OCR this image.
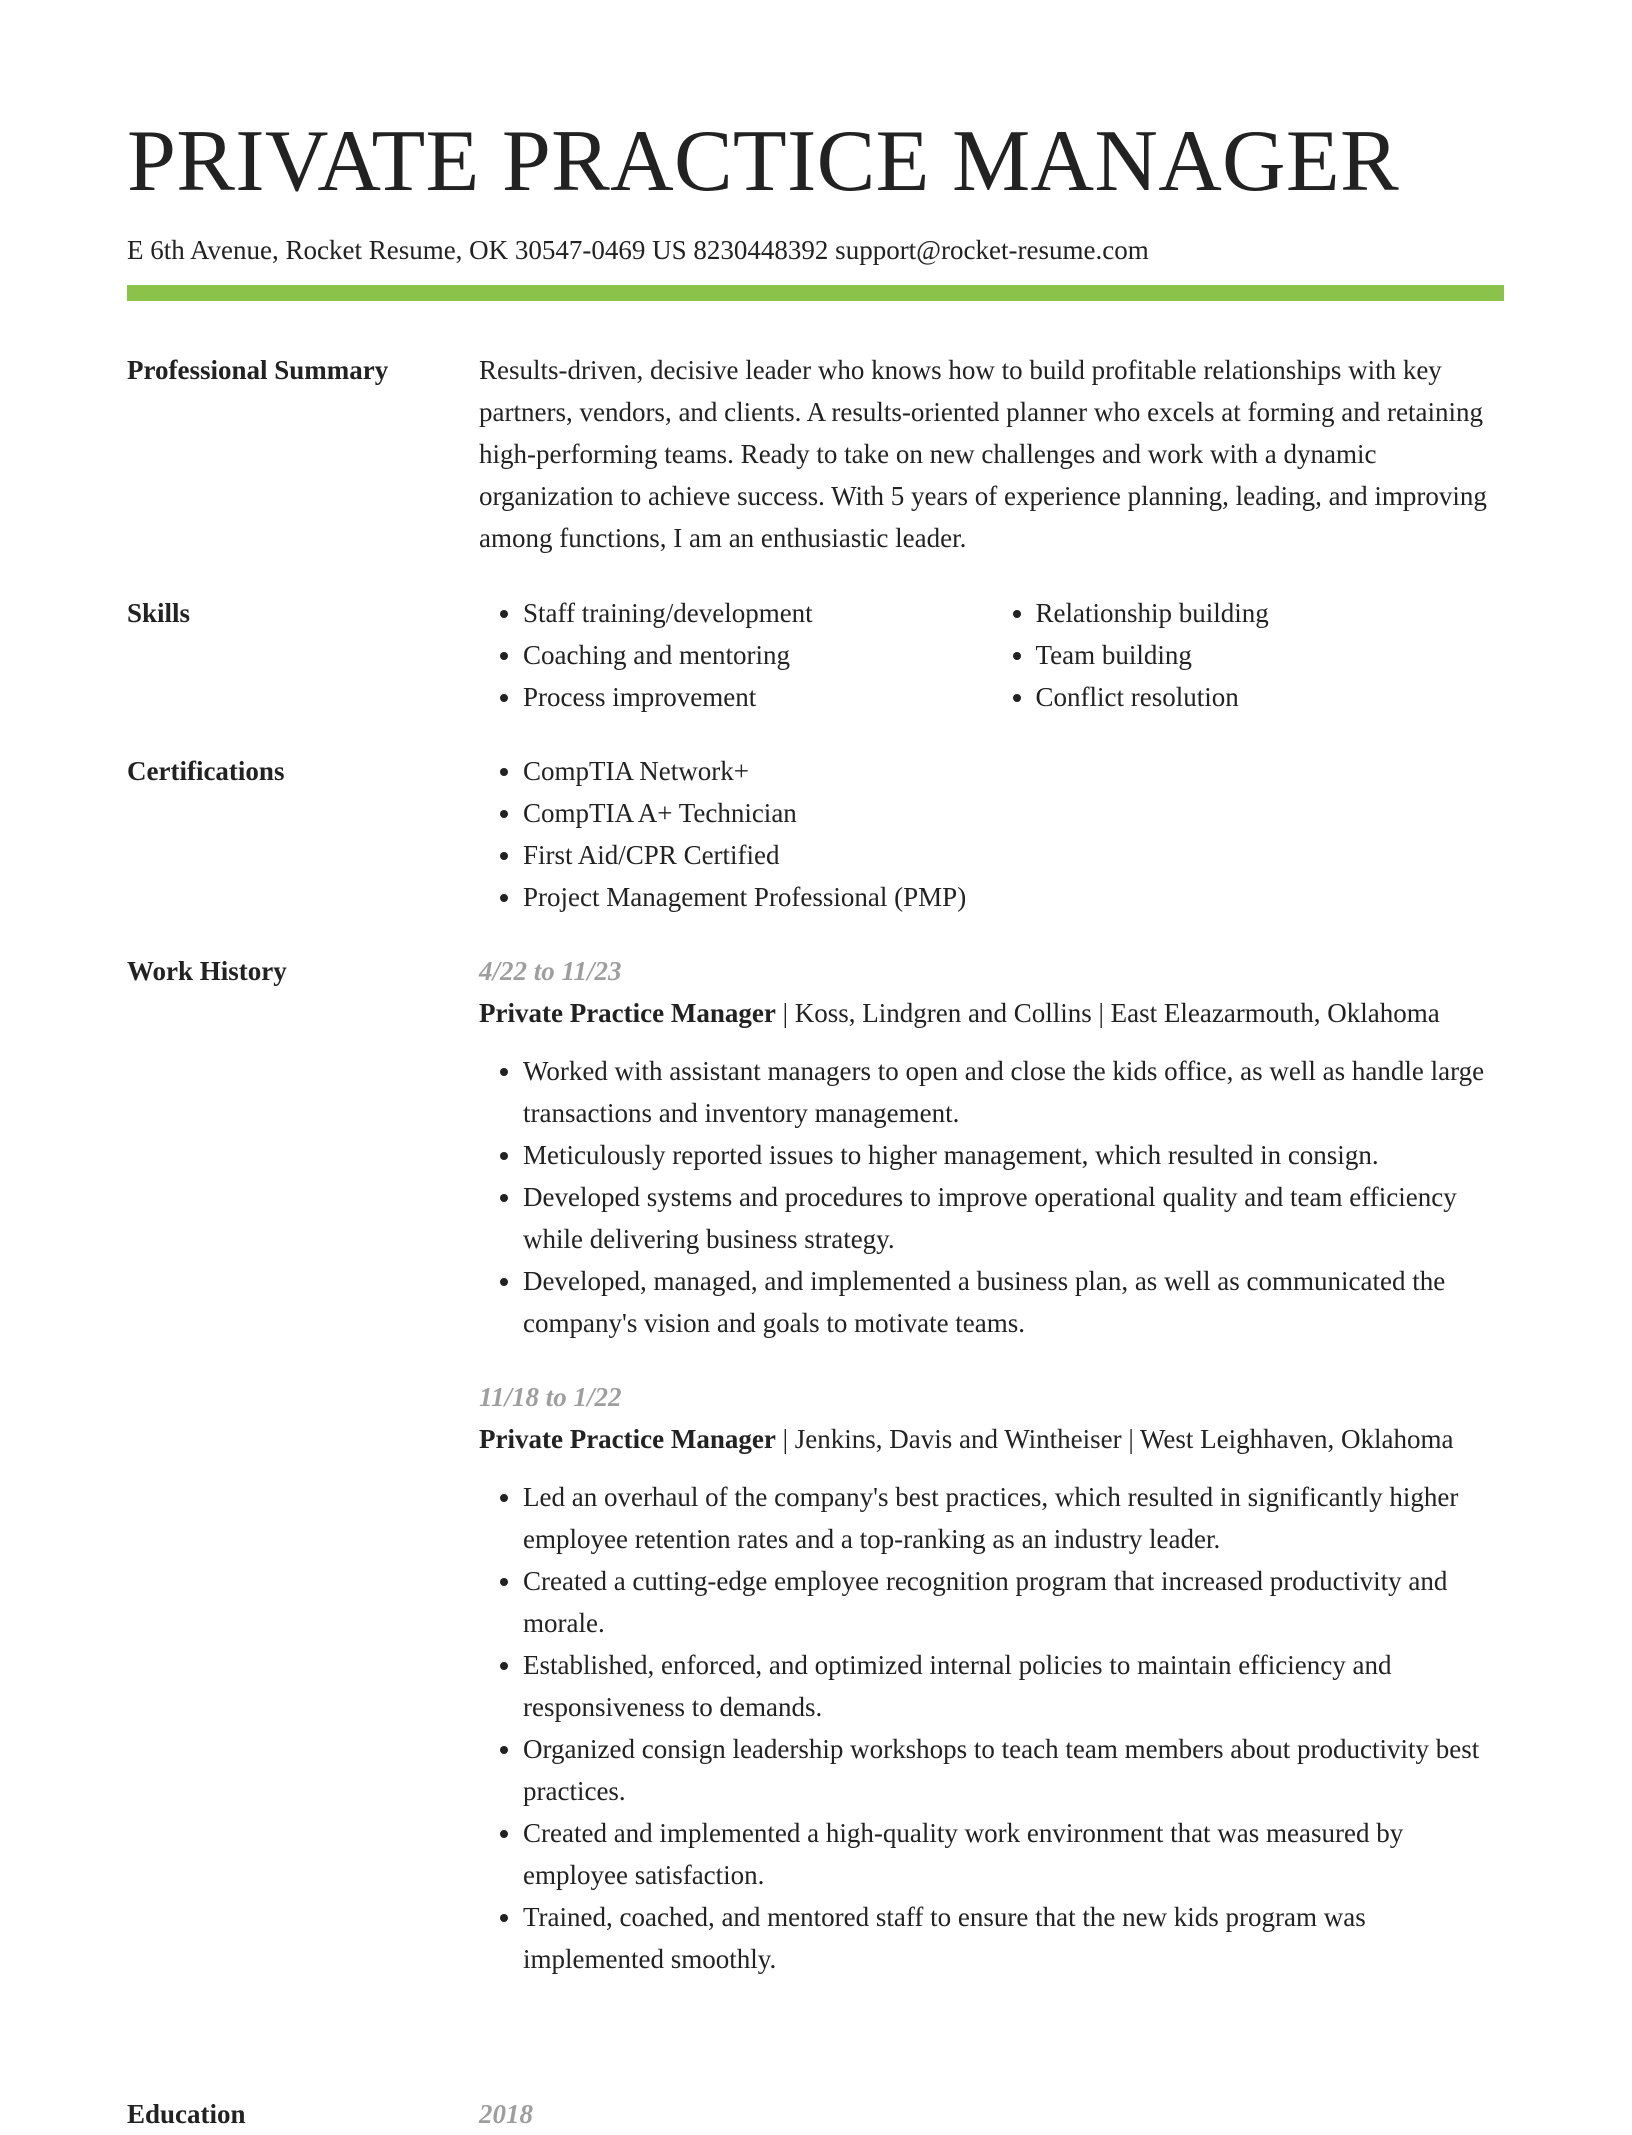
PRIVATE PRACTICE MANAGER
E 6th Avenue, Rocket Resume, OK 30547-0469 US 8230448392 support@rocket-resume.com
Professional Summary	Results-driven, decisive leader who knows how to build profitable relationships with key partners, vendors, and clients. A results-oriented planner who excels at forming and retaining high-performing teams. Ready to take on new challenges and work with a dynamic organization to achieve success. With 5 years of experience planning, leading, and improving among functions, I am an enthusiastic leader.

Skills	• Staff training/development
• Coaching and mentoring
• Process improvement
• Relationship building
• Team building
• Conflict resolution
Certifications	• CompTIA Network+
• CompTIA A+ Technician
• First Aid/CPR Certified
• Project Management Professional (PMP)
Work History	4/22 to 11/23
Private Practice Manager | Koss, Lindgren and Collins | East Eleazarmouth, Oklahoma
• Worked with assistant managers to open and close the kids office, as well as handle large transactions and inventory management.
• Meticulously reported issues to higher management, which resulted in consign.
• Developed systems and procedures to improve operational quality and team efficiency while delivering business strategy.
• Developed, managed, and implemented a business plan, as well as communicated the company's vision and goals to motivate teams.
11/18 to 1/22
Private Practice Manager | Jenkins, Davis and Wintheiser | West Leighhaven, Oklahoma
• Led an overhaul of the company's best practices, which resulted in significantly higher employee retention rates and a top-ranking as an industry leader.
• Created a cutting-edge employee recognition program that increased productivity and morale.
• Established, enforced, and optimized internal policies to maintain efficiency and responsiveness to demands.
• Organized consign leadership workshops to teach team members about productivity best practices.
• Created and implemented a high-quality work environment that was measured by employee satisfaction.
• Trained, coached, and mentored staff to ensure that the new kids program was implemented smoothly.
Education	2018
